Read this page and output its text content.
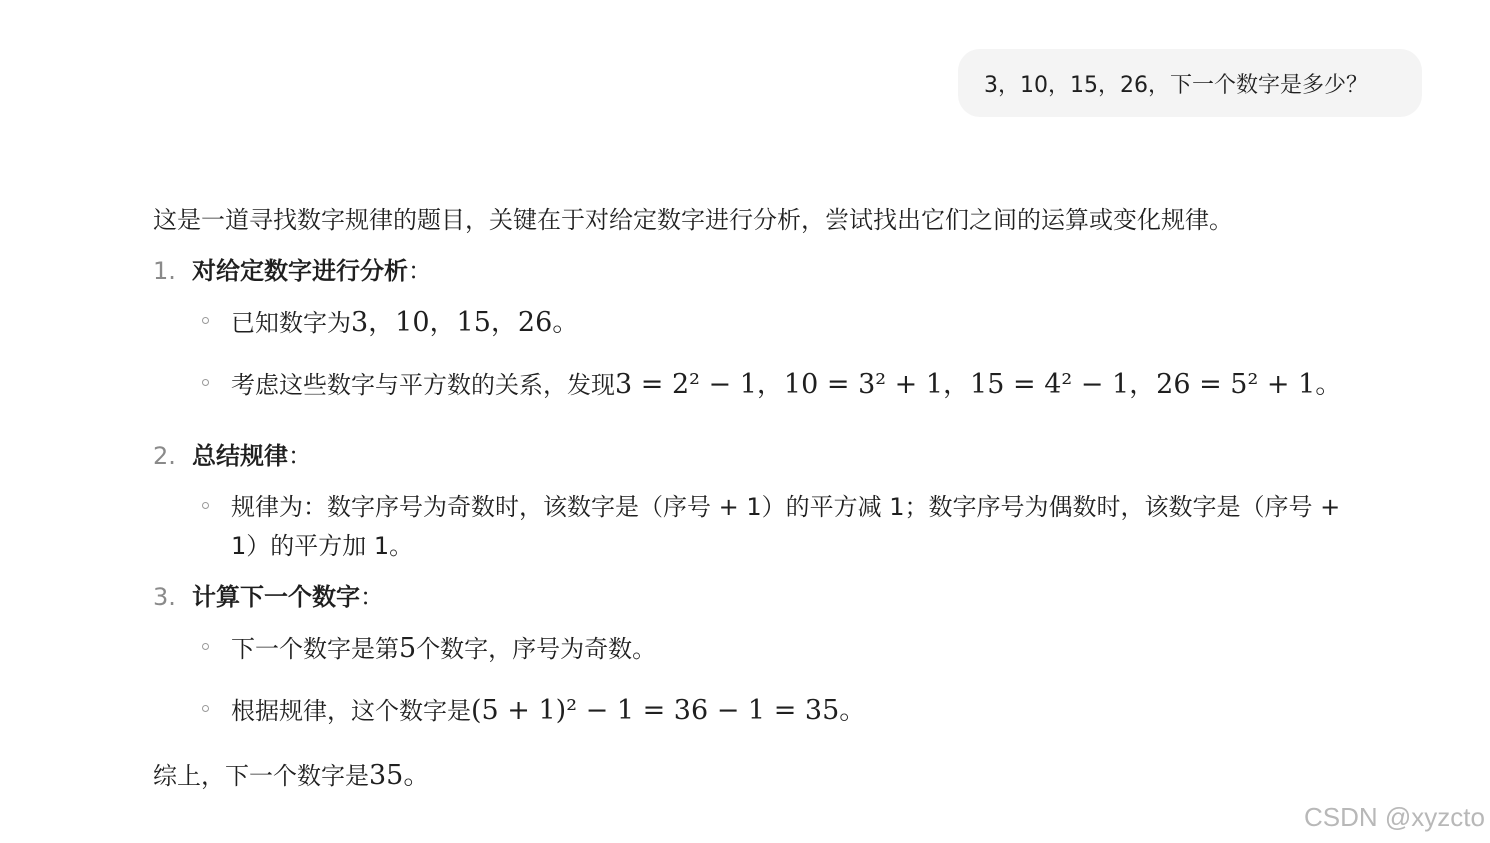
3，10，15，26，下一个数字是多少？
这是一道寻找数字规律的题目，关键在于对给定数字进行分析，尝试找出它们之间的运算或变化规律。
1. 对给定数字进行分析：
已知数字为3，10，15，26。
考虑这些数字与平方数的关系，发现3 = 2² − 1，10 = 3² + 1，15 = 4² − 1，26 = 5² + 1。
2. 总结规律：
规律为：数字序号为奇数时，该数字是（序号 + 1）的平方减 1；数字序号为偶数时，该数字是（序号 +
1）的平方加 1。
3. 计算下一个数字：
下一个数字是第5个数字，序号为奇数。
根据规律，这个数字是(5 + 1)² − 1 = 36 − 1 = 35。
综上，下一个数字是35。
CSDN @xyzcto
